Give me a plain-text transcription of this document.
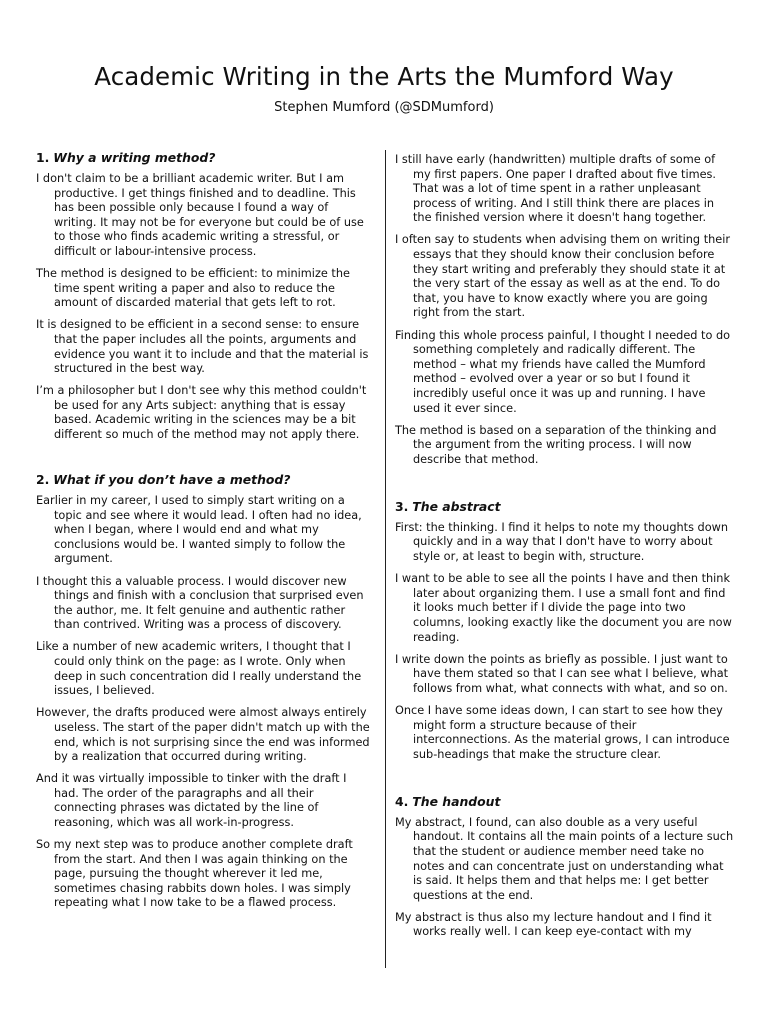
Academic Writing in the Arts the Mumford Way
Stephen Mumford (@SDMumford)
1. Why a writing method?

I don't claim to be a brilliant academic writer. But I am productive. I get things finished and to deadline. This has been possible only because I found a way of writing. It may not be for everyone but could be of use to those who finds academic writing a stressful, or difficult or labour-intensive process.

The method is designed to be efficient: to minimize the time spent writing a paper and also to reduce the amount of discarded material that gets left to rot.

It is designed to be efficient in a second sense: to ensure that the paper includes all the points, arguments and evidence you want it to include and that the material is structured in the best way.

I’m a philosopher but I don't see why this method couldn't be used for any Arts subject: anything that is essay based. Academic writing in the sciences may be a bit different so much of the method may not apply there.

2. What if you don’t have a method?

Earlier in my career, I used to simply start writing on a topic and see where it would lead. I often had no idea, when I began, where I would end and what my conclusions would be. I wanted simply to follow the argument.

I thought this a valuable process. I would discover new things and finish with a conclusion that surprised even the author, me. It felt genuine and authentic rather than contrived. Writing was a process of discovery.

Like a number of new academic writers, I thought that I could only think on the page: as I wrote. Only when deep in such concentration did I really understand the issues, I believed.

However, the drafts produced were almost always entirely useless. The start of the paper didn't match up with the end, which is not surprising since the end was informed by a realization that occurred during writing.

And it was virtually impossible to tinker with the draft I had. The order of the paragraphs and all their connecting phrases was dictated by the line of reasoning, which was all work-in-progress.

So my next step was to produce another complete draft from the start. And then I was again thinking on the page, pursuing the thought wherever it led me, sometimes chasing rabbits down holes. I was simply repeating what I now take to be a flawed process.

I still have early (handwritten) multiple drafts of some of my first papers. One paper I drafted about five times. That was a lot of time spent in a rather unpleasant process of writing. And I still think there are places in the finished version where it doesn't hang together.

I often say to students when advising them on writing their essays that they should know their conclusion before they start writing and preferably they should state it at the very start of the essay as well as at the end. To do that, you have to know exactly where you are going right from the start.

Finding this whole process painful, I thought I needed to do something completely and radically different. The method – what my friends have called the Mumford method – evolved over a year or so but I found it incredibly useful once it was up and running. I have used it ever since.

The method is based on a separation of the thinking and the argument from the writing process. I will now describe that method.

3. The abstract

First: the thinking. I find it helps to note my thoughts down quickly and in a way that I don't have to worry about style or, at least to begin with, structure.

I want to be able to see all the points I have and then think later about organizing them. I use a small font and find it looks much better if I divide the page into two columns, looking exactly like the document you are now reading.

I write down the points as briefly as possible. I just want to have them stated so that I can see what I believe, what follows from what, what connects with what, and so on.

Once I have some ideas down, I can start to see how they might form a structure because of their interconnections. As the material grows, I can introduce sub-headings that make the structure clear.

4. The handout

My abstract, I found, can also double as a very useful handout. It contains all the main points of a lecture such that the student or audience member need take no notes and can concentrate just on understanding what is said. It helps them and that helps me: I get better questions at the end.

My abstract is thus also my lecture handout and I find it works really well. I can keep eye-contact with my
